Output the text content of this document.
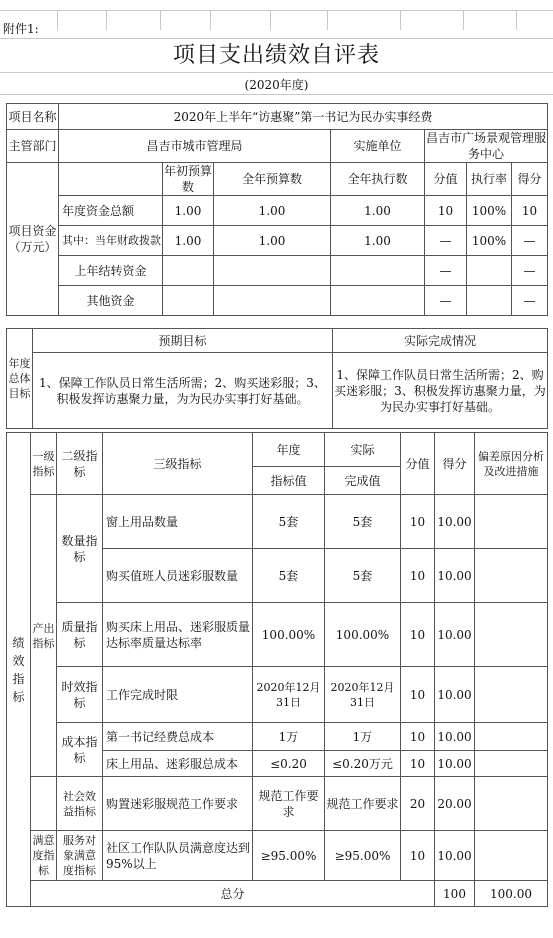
附件1:
项目支出绩效自评表
(2020年度)
项目名称	2020年上半年“访惠聚”第一书记为民办实事经费						
主管部门	昌吉市城市管理局			实施单位	昌吉市广场景观管理服务中心		
项目资金（万元）		年初预算数	全年预算数	全年执行数	分值	执行率	得分
	年度资金总额	1.00	1.00	1.00	10	100%	10
	其中：当年财政拨款	1.00	1.00	1.00	—	100%	—
	上年结转资金				—		—
	其他资金				—		—
年度总体目标	预期目标	实际完成情况
	1、保障工作队员日常生活所需；2、购买迷彩服；3、积极发挥访惠聚力量，为为民办实事打好基础。	1、保障工作队员日常生活所需；2、购买迷彩服；3、积极发挥访惠聚力量，为为民办实事打好基础。
绩效指标	一级指标	二级指标	三级指标	年度	实际	分值	得分	偏差原因分析及改进措施	
				指标值	完成值				
	产出指标	数量指标	窗上用品数量	5套	5套	10	10.00		
			购买值班人员迷彩服数量	5套	5套	10	10.00		
		质量指标	购买床上用品、迷彩服质量达标率质量达标率	100.00%	100.00%	10	10.00		
		时效指标	工作完成时限	2020年12月31日	2020年12月31日	10	10.00		
		成本指标	第一书记经费总成本	1万	1万	10	10.00		
			床上用品、迷彩服总成本	≤0.20	≤0.20万元	10	10.00		
		社会效益指标	购置迷彩服规范工作要求	规范工作要求	规范工作要求	20	20.00		
	满意度指标	服务对象满意度指标	社区工作队队员满意度达到95%以上	≥95.00%	≥95.00%	10	10.00		
	总分						100	100.00	
